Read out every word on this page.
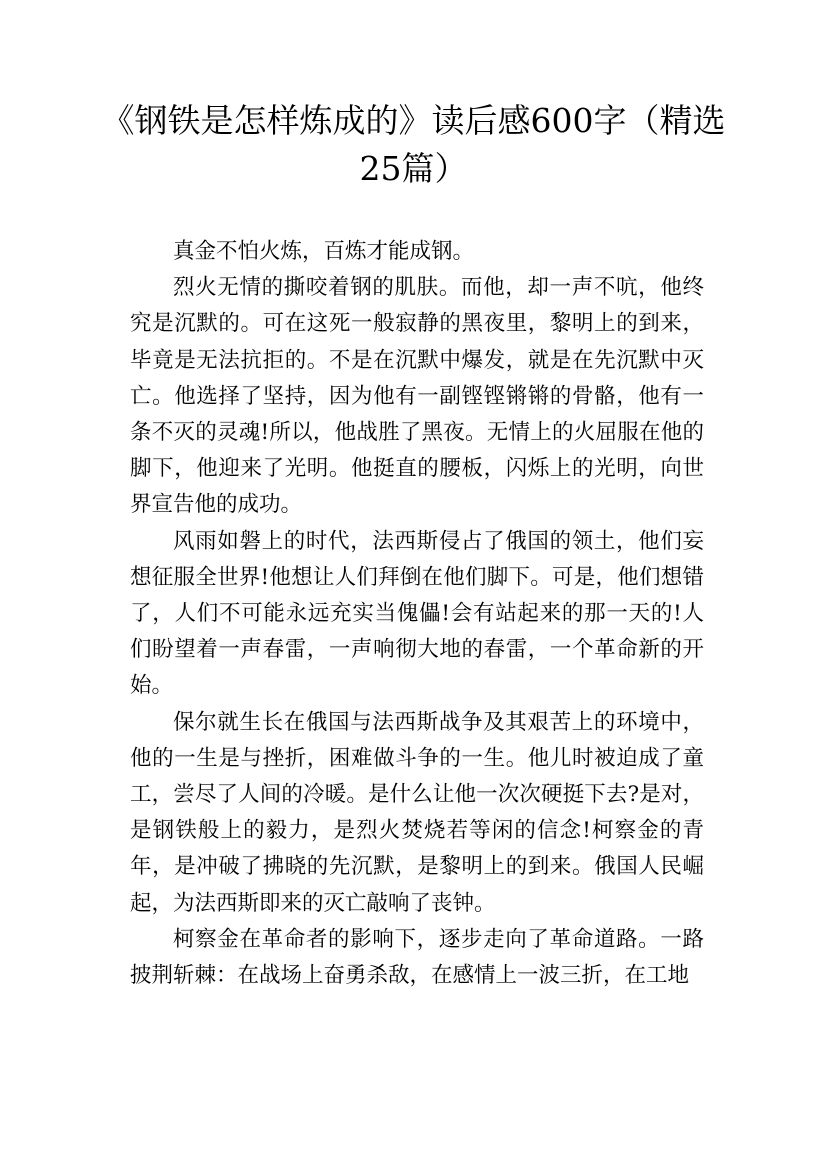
《钢铁是怎样炼成的》读后感600字（精选25篇）

真金不怕火炼，百炼才能成钢。

烈火无情的撕咬着钢的肌肤。而他，却一声不吭，他终究是沉默的。可在这死一般寂静的黑夜里，黎明上的到来，毕竟是无法抗拒的。不是在沉默中爆发，就是在先沉默中灭亡。他选择了坚持，因为他有一副铿铿锵锵的骨骼，他有一条不灭的灵魂!所以，他战胜了黑夜。无情上的火屈服在他的脚下，他迎来了光明。他挺直的腰板，闪烁上的光明，向世界宣告他的成功。

风雨如磐上的时代，法西斯侵占了俄国的领土，他们妄想征服全世界!他想让人们拜倒在他们脚下。可是，他们想错了，人们不可能永远充实当傀儡!会有站起来的那一天的!人们盼望着一声春雷，一声响彻大地的春雷，一个革命新的开始。

保尔就生长在俄国与法西斯战争及其艰苦上的环境中，他的一生是与挫折，困难做斗争的一生。他儿时被迫成了童工，尝尽了人间的冷暖。是什么让他一次次硬挺下去?是对，是钢铁般上的毅力，是烈火焚烧若等闲的信念!柯察金的青年，是冲破了拂晓的先沉默，是黎明上的到来。俄国人民崛起，为法西斯即来的灭亡敲响了丧钟。

柯察金在革命者的影响下，逐步走向了革命道路。一路披荆斩棘：在战场上奋勇杀敌，在感情上一波三折，在工地
